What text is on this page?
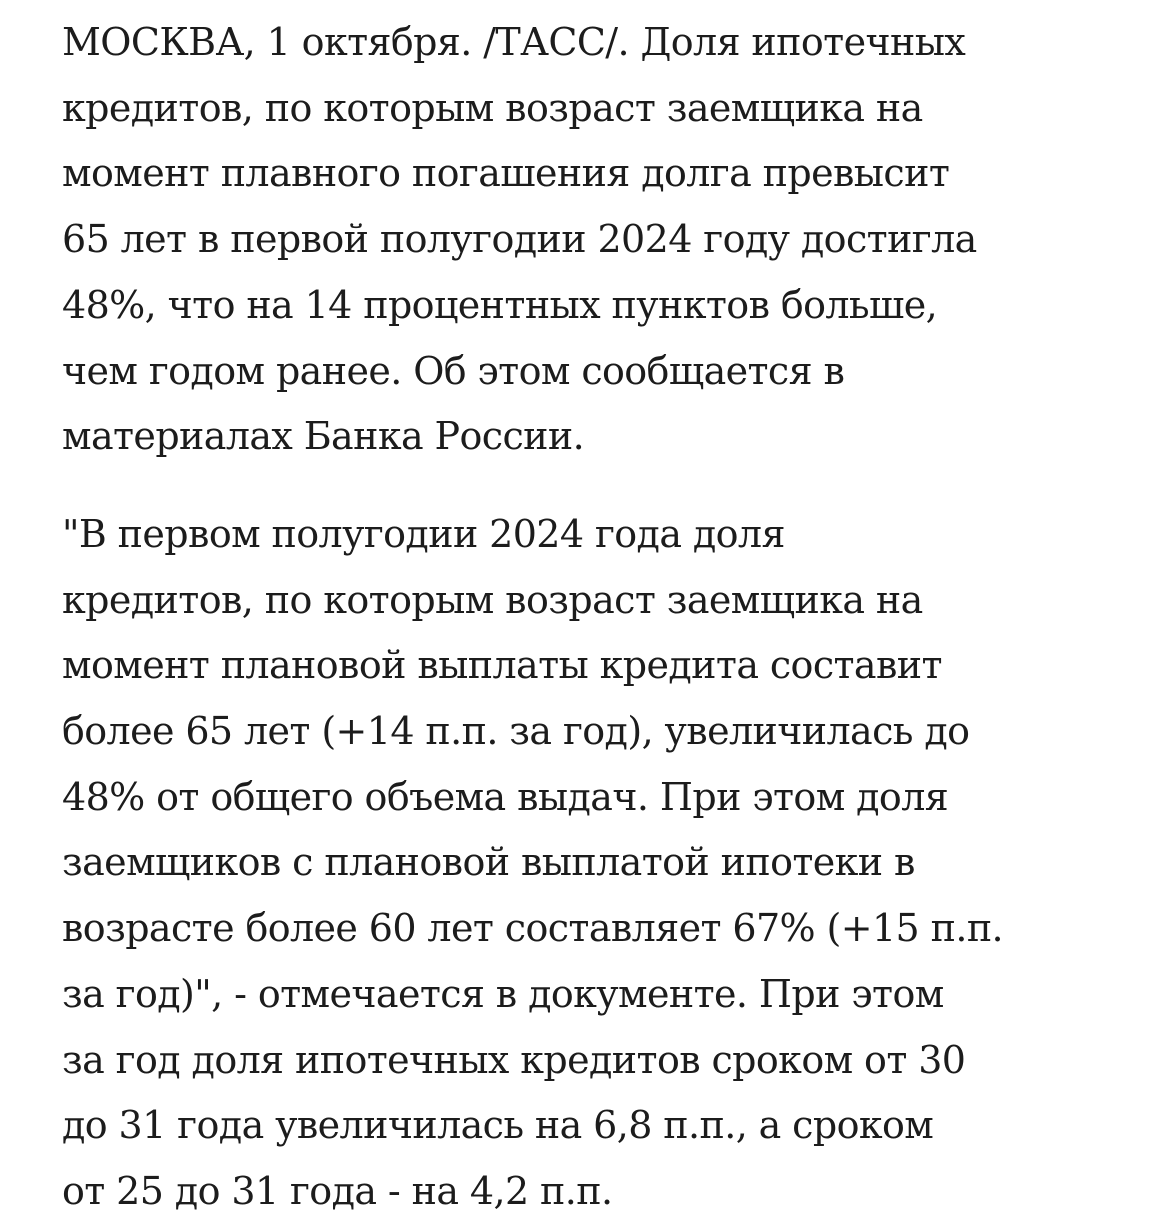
МОСКВА, 1 октября. /ТАСС/. Доля ипотечных
кредитов, по которым возраст заемщика на
момент плавного погашения долга превысит
65 лет в первой полугодии 2024 году достигла
48%, что на 14 процентных пунктов больше,
чем годом ранее. Об этом сообщается в
материалах Банка России.

"В первом полугодии 2024 года доля
кредитов, по которым возраст заемщика на
момент плановой выплаты кредита составит
более 65 лет (+14 п.п. за год), увеличилась до
48% от общего объема выдач. При этом доля
заемщиков с плановой выплатой ипотеки в
возрасте более 60 лет составляет 67% (+15 п.п.
за год)", - отмечается в документе. При этом
за год доля ипотечных кредитов сроком от 30
до 31 года увеличилась на 6,8 п.п., а сроком
от 25 до 31 года - на 4,2 п.п.
